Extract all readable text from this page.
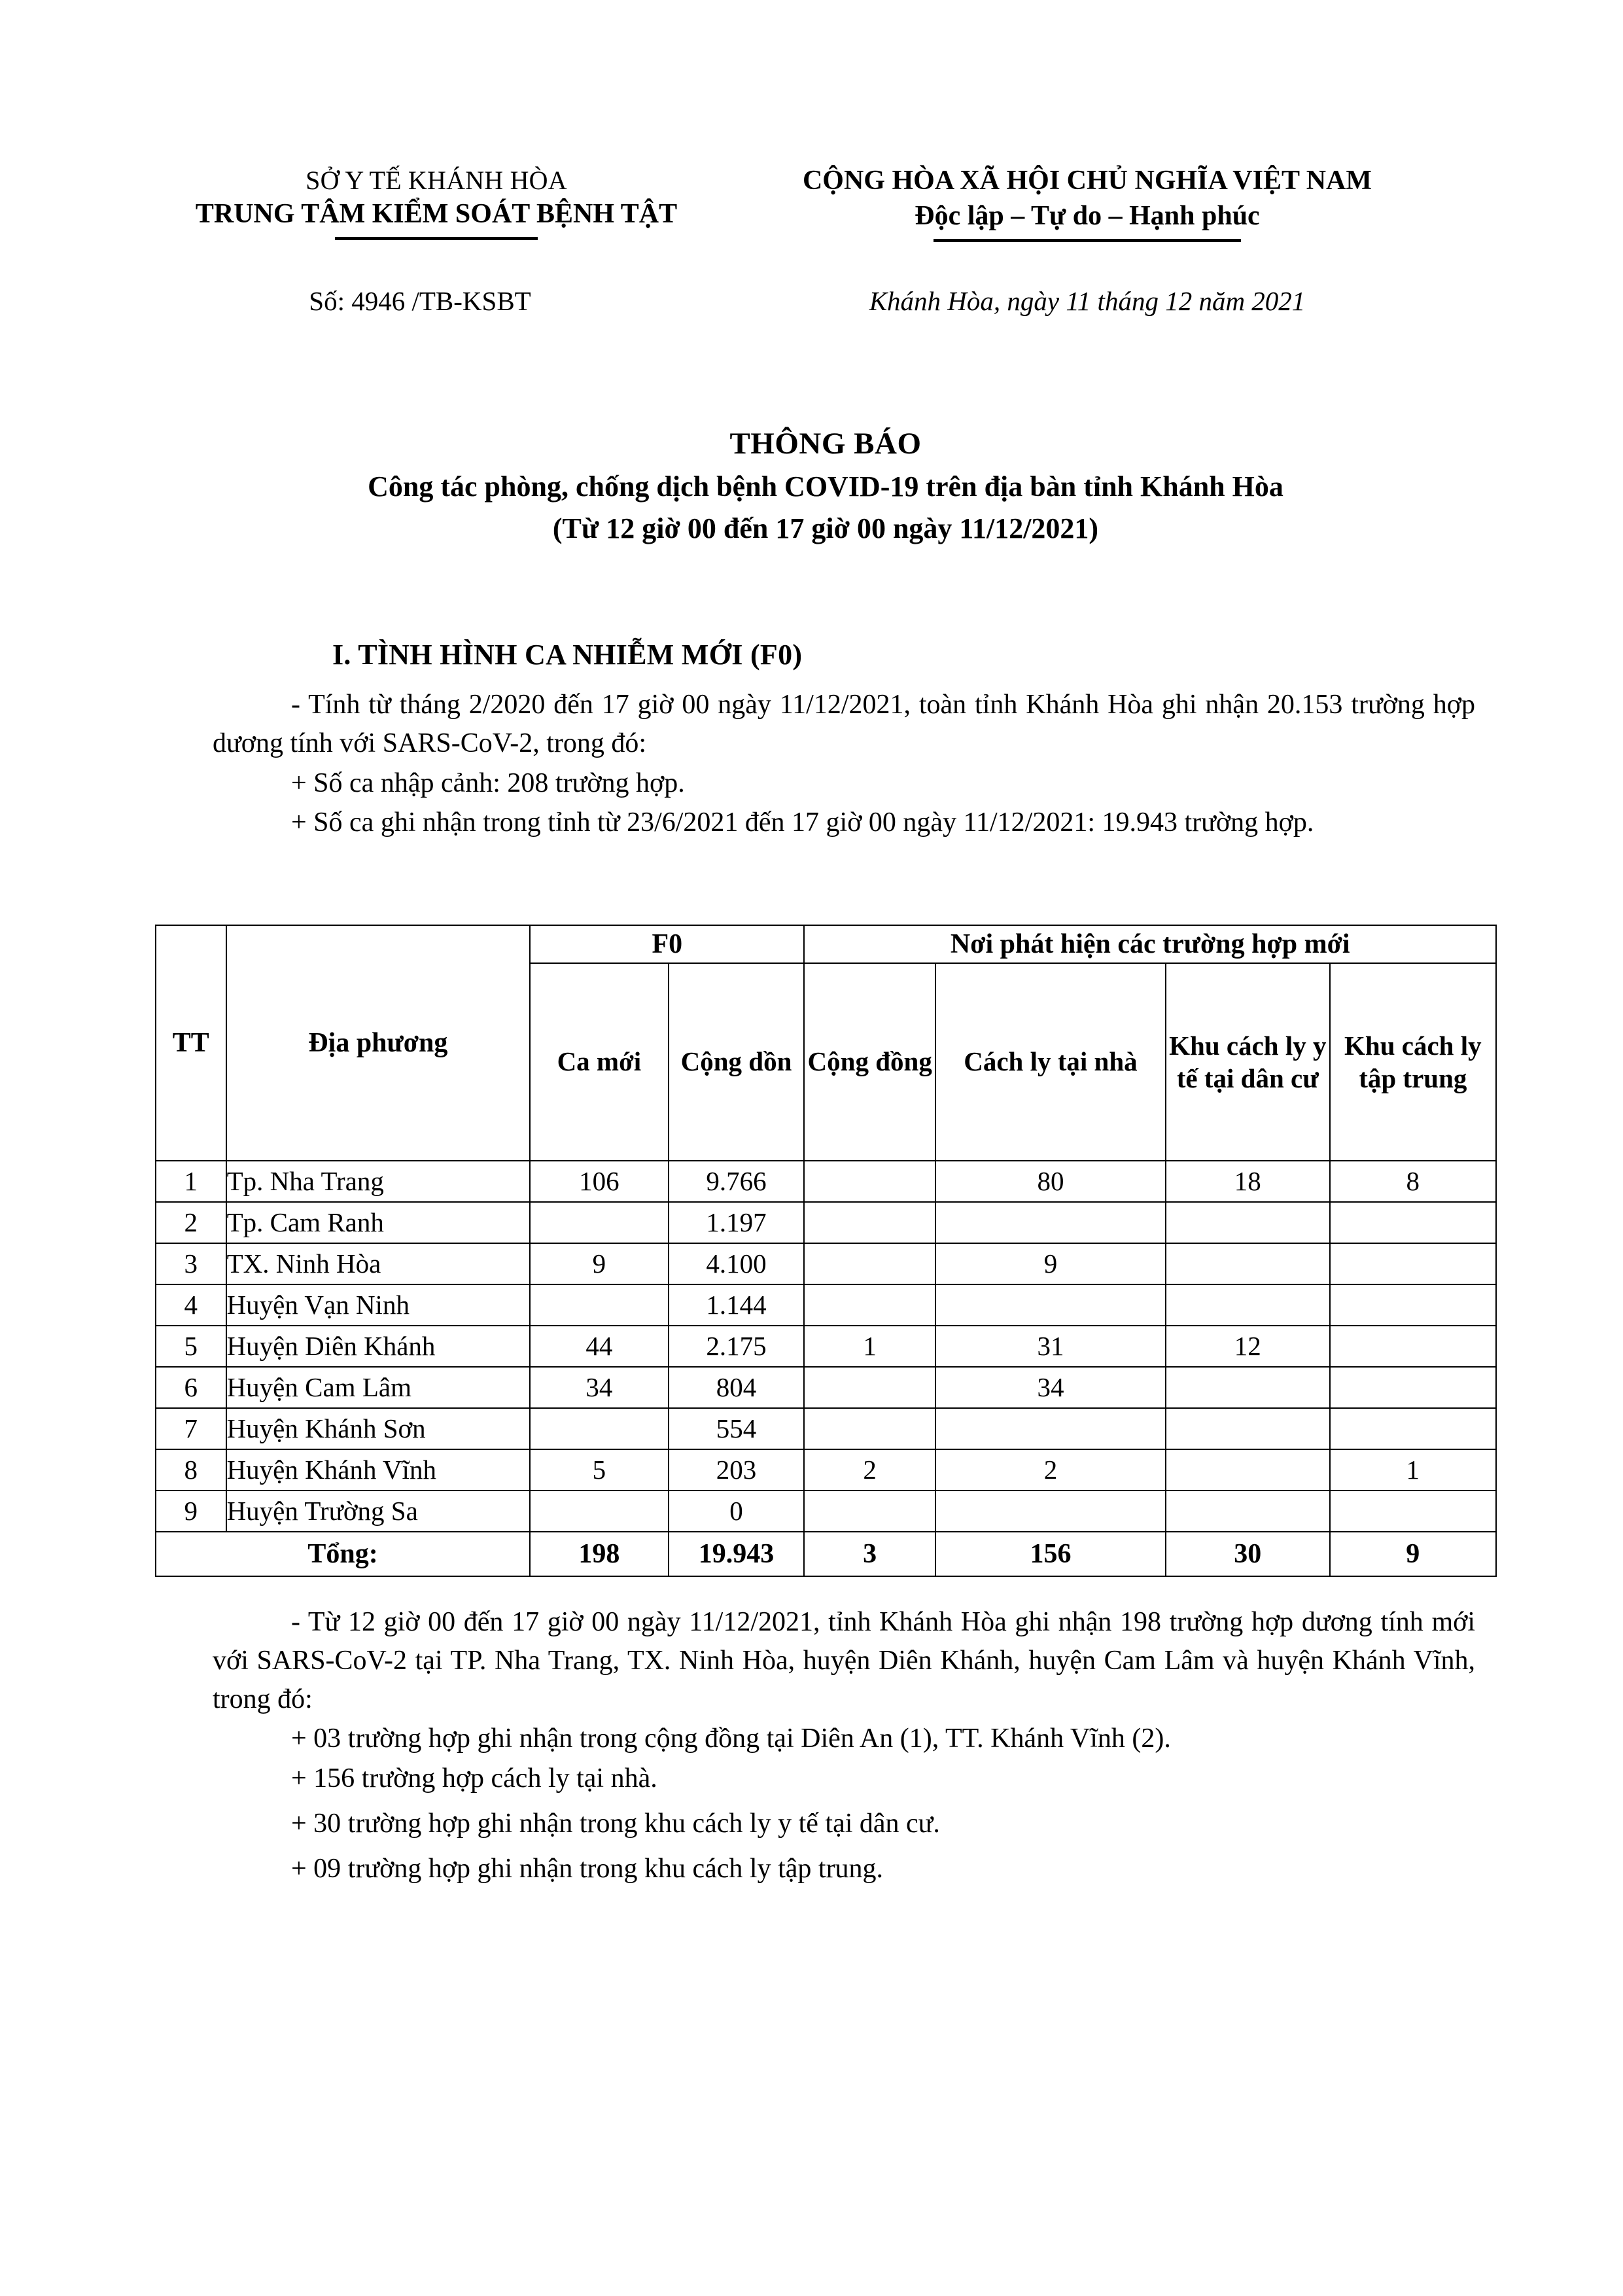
SỞ Y TẾ KHÁNH HÒA
TRUNG TÂM KIỂM SOÁT BỆNH TẬT
CỘNG HÒA XÃ HỘI CHỦ NGHĨA VIỆT NAM
Độc lập – Tự do – Hạnh phúc
Số: 4946 /TB-KSBT	Khánh Hòa, ngày 11 tháng 12 năm 2021
THÔNG BÁO
Công tác phòng, chống dịch bệnh COVID-19 trên địa bàn tỉnh Khánh Hòa
(Từ 12 giờ 00 đến 17 giờ 00 ngày 11/12/2021)
I. TÌNH HÌNH CA NHIỄM MỚI (F0)

- Tính từ tháng 2/2020 đến 17 giờ 00 ngày 11/12/2021, toàn tỉnh Khánh Hòa ghi nhận 20.153 trường hợp dương tính với SARS-CoV-2, trong đó:

+ Số ca nhập cảnh: 208 trường hợp.

+ Số ca ghi nhận trong tỉnh từ 23/6/2021 đến 17 giờ 00 ngày 11/12/2021: 19.943 trường hợp.

TT	Địa phương	F0		Nơi phát hiện các trường hợp mới			
		Ca mới	Cộng dồn	Cộng đồng	Cách ly tại nhà	Khu cách ly y tế tại dân cư	Khu cách ly tập trung
1	Tp. Nha Trang	106	9.766		80	18	8
2	Tp. Cam Ranh		1.197				
3	TX. Ninh Hòa	9	4.100		9		
4	Huyện Vạn Ninh		1.144				
5	Huyện Diên Khánh	44	2.175	1	31	12	
6	Huyện Cam Lâm	34	804		34		
7	Huyện Khánh Sơn		554				
8	Huyện Khánh Vĩnh	5	203	2	2		1
9	Huyện Trường Sa		0				
Tổng:		198	19.943	3	156	30	9

- Từ 12 giờ 00 đến 17 giờ 00 ngày 11/12/2021, tỉnh Khánh Hòa ghi nhận 198 trường hợp dương tính mới với SARS-CoV-2 tại TP. Nha Trang, TX. Ninh Hòa, huyện Diên Khánh, huyện Cam Lâm và huyện Khánh Vĩnh, trong đó:

+ 03 trường hợp ghi nhận trong cộng đồng tại Diên An (1), TT. Khánh Vĩnh (2).

+ 156 trường hợp cách ly tại nhà.

+ 30 trường hợp ghi nhận trong khu cách ly y tế tại dân cư.

+ 09 trường hợp ghi nhận trong khu cách ly tập trung.
